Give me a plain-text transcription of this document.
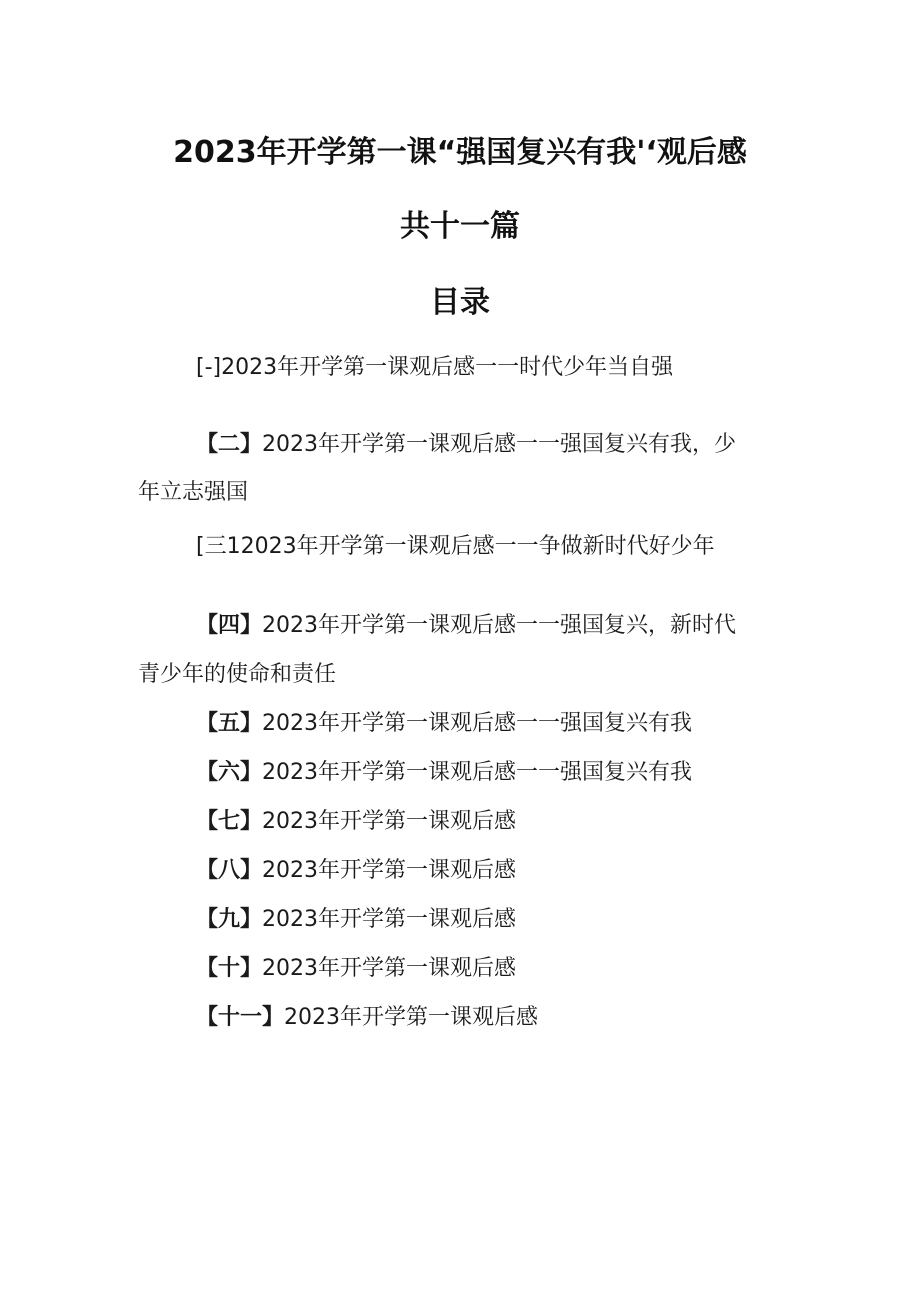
2023年开学第一课“强国复兴有我'‘观后感
共十一篇
目录
[-]2023年开学第一课观后感一一时代少年当自强
【二】2023年开学第一课观后感一一强国复兴有我，少
年立志强国
[三12023年开学第一课观后感一一争做新时代好少年
【四】2023年开学第一课观后感一一强国复兴，新时代
青少年的使命和责任
【五】2023年开学第一课观后感一一强国复兴有我
【六】2023年开学第一课观后感一一强国复兴有我
【七】2023年开学第一课观后感
【八】2023年开学第一课观后感
【九】2023年开学第一课观后感
【十】2023年开学第一课观后感
【十一】2023年开学第一课观后感
